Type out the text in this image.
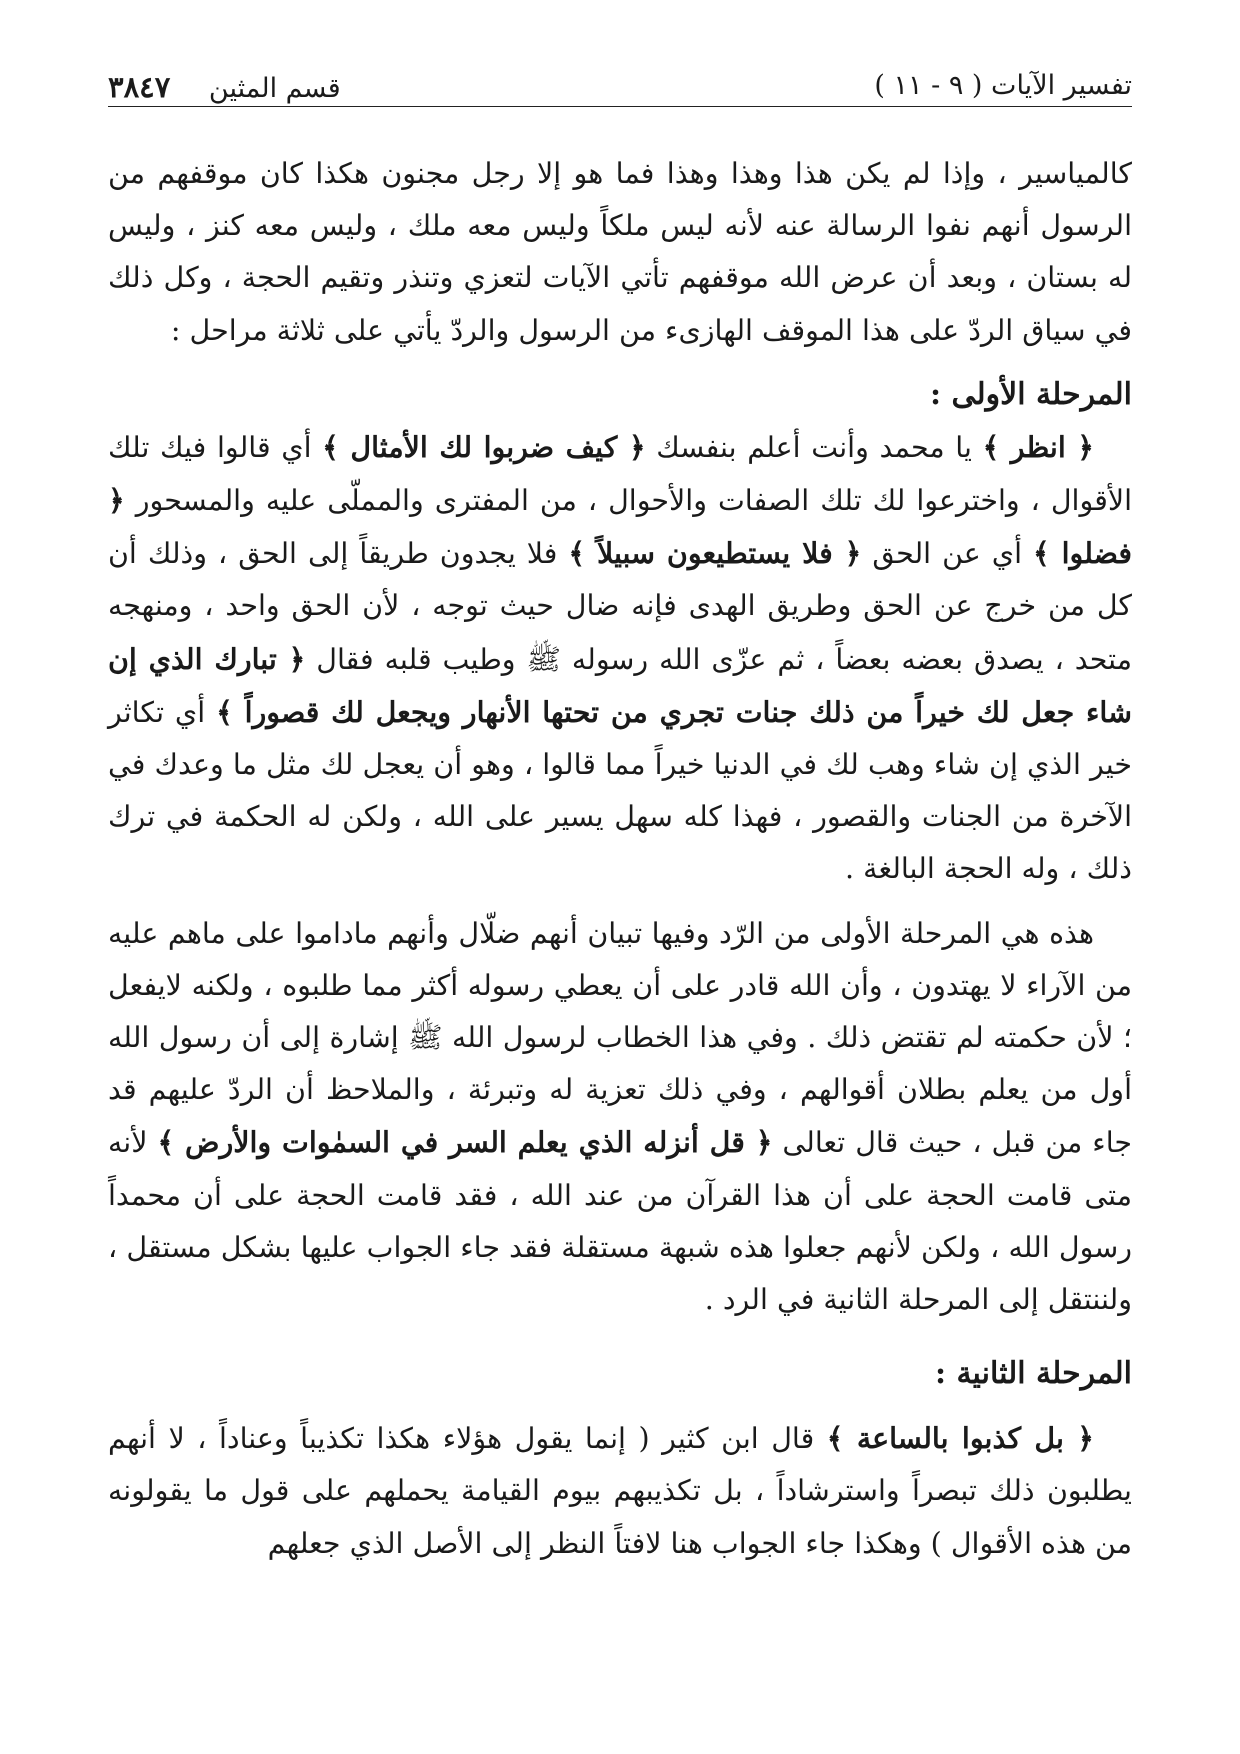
تفسير الآيات ( ٩ - ١١ )
قسم المثين ٣٨٤٧

كالمياسير ، وإذا لم يكن هذا وهذا وهذا فما هو إلا رجل مجنون هكذا كان موقفهم من الرسول أنهم نفوا الرسالة عنه لأنه ليس ملكاً وليس معه ملك ، وليس معه كنز ، وليس له بستان ، وبعد أن عرض الله موقفهم تأتي الآيات لتعزي وتنذر وتقيم الحجة ، وكل ذلك في سياق الردّ على هذا الموقف الهازىء من الرسول والردّ يأتي على ثلاثة مراحل :

المرحلة الأولى :

﴿ انظر ﴾ يا محمد وأنت أعلم بنفسك ﴿ كيف ضربوا لك الأمثال ﴾ أي قالوا فيك تلك الأقوال ، واخترعوا لك تلك الصفات والأحوال ، من المفترى والمملّى عليه والمسحور ﴿ فضلوا ﴾ أي عن الحق ﴿ فلا يستطيعون سبيلاً ﴾ فلا يجدون طريقاً إلى الحق ، وذلك أن كل من خرج عن الحق وطريق الهدى فإنه ضال حيث توجه ، لأن الحق واحد ، ومنهجه متحد ، يصدق بعضه بعضاً ، ثم عزّى الله رسوله ﷺ وطيب قلبه فقال ﴿ تبارك الذي إن شاء جعل لك خيراً من ذلك جنات تجري من تحتها الأنهار ويجعل لك قصوراً ﴾ أي تكاثر خير الذي إن شاء وهب لك في الدنيا خيراً مما قالوا ، وهو أن يعجل لك مثل ما وعدك في الآخرة من الجنات والقصور ، فهذا كله سهل يسير على الله ، ولكن له الحكمة في ترك ذلك ، وله الحجة البالغة .

هذه هي المرحلة الأولى من الرّد وفيها تبيان أنهم ضلّال وأنهم ماداموا على ماهم عليه من الآراء لا يهتدون ، وأن الله قادر على أن يعطي رسوله أكثر مما طلبوه ، ولكنه لايفعل ؛ لأن حكمته لم تقتض ذلك . وفي هذا الخطاب لرسول الله ﷺ إشارة إلى أن رسول الله أول من يعلم بطلان أقوالهم ، وفي ذلك تعزية له وتبرئة ، والملاحظ أن الردّ عليهم قد جاء من قبل ، حيث قال تعالى ﴿ قل أنزله الذي يعلم السر في السمٰوات والأرض ﴾ لأنه متى قامت الحجة على أن هذا القرآن من عند الله ، فقد قامت الحجة على أن محمداً رسول الله ، ولكن لأنهم جعلوا هذه شبهة مستقلة فقد جاء الجواب عليها بشكل مستقل ، ولننتقل إلى المرحلة الثانية في الرد .

المرحلة الثانية :

﴿ بل كذبوا بالساعة ﴾ قال ابن كثير ( إنما يقول هؤلاء هكذا تكذيباً وعناداً ، لا أنهم يطلبون ذلك تبصراً واسترشاداً ، بل تكذيبهم بيوم القيامة يحملهم على قول ما يقولونه من هذه الأقوال ) وهكذا جاء الجواب هنا لافتاً النظر إلى الأصل الذي جعلهم
